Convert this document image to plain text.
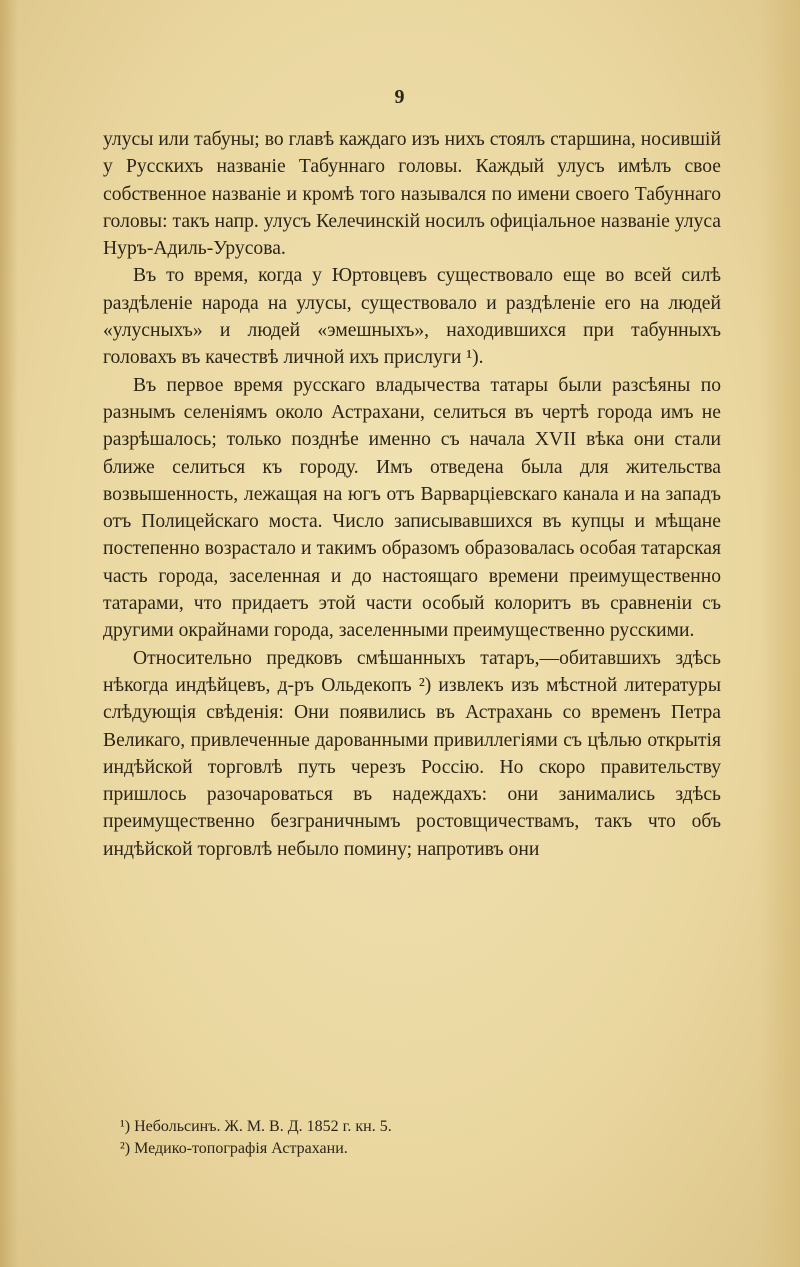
9

улусы или табуны; во главѣ каждаго изъ нихъ стоялъ старшина, носившій у Русскихъ названіе Табуннаго головы. Каждый улусъ имѣлъ свое собственное названіе и кромѣ того назывался по имени своего Табуннаго головы: такъ напр. улусъ Келечинскій носилъ офиціальное названіе улуса Нуръ-Адиль-Урусова.

Въ то время, когда у Юртовцевъ существовало еще во всей силѣ раздѣленіе народа на улусы, существовало и раздѣленіе его на людей «улусныхъ» и людей «эмешныхъ», находившихся при табунныхъ головахъ въ качествѣ личной ихъ прислуги ¹).

Въ первое время русскаго владычества татары были разсѣяны по разнымъ селеніямъ около Астрахани, селиться въ чертѣ города имъ не разрѣшалось; только позднѣе именно съ начала XVII вѣка они стали ближе селиться къ городу. Имъ отведена была для жительства возвышенность, лежащая на югъ отъ Варварціевскаго канала и на западъ отъ Полицейскаго моста. Число записывавшихся въ купцы и мѣщане постепенно возрастало и такимъ образомъ образовалась особая татарская часть города, заселенная и до настоящаго времени преимущественно татарами, что придаетъ этой части особый колоритъ въ сравненіи съ другими окрайнами города, заселенными преимущественно русскими.

Относительно предковъ смѣшанныхъ татаръ,—обитавшихъ здѣсь нѣкогда индѣйцевъ, д-ръ Ольдекопъ ²) извлекъ изъ мѣстной литературы слѣдующія свѣденія: Они появились въ Астрахань со временъ Петра Великаго, привлеченные дарованными привиллегіями съ цѣлью открытія индѣйской торговлѣ путь черезъ Россію. Но скоро правительству пришлось разочароваться въ надеждахъ: они занимались здѣсь преимущественно безграничнымъ ростовщичествамъ, такъ что объ индѣйской торговлѣ небыло помину; напротивъ они

¹) Небольсинъ. Ж. М. В. Д. 1852 г. кн. 5.

²) Медико-топографія Астрахани.
